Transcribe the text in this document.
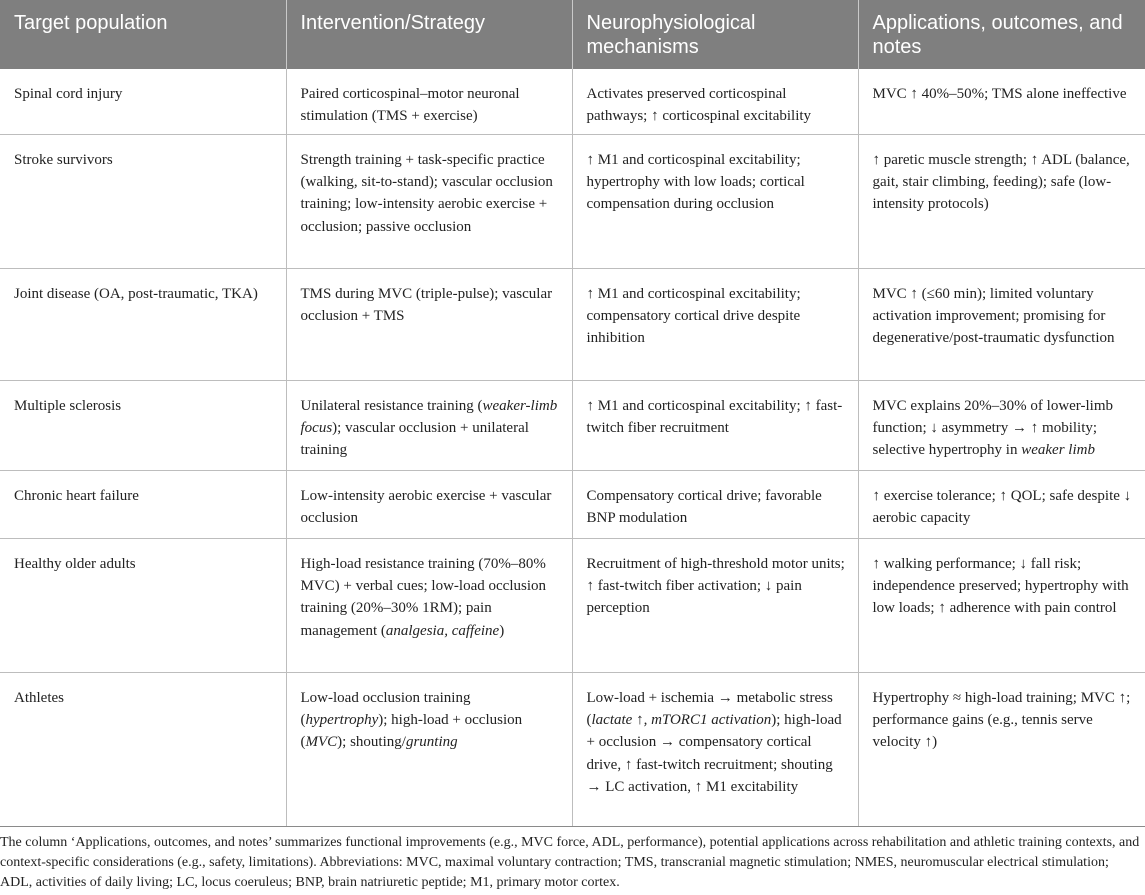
Target population	Intervention/Strategy	Neurophysiological mechanisms	Applications, outcomes, and notes
Spinal cord injury	Paired corticospinal–motor neuronal stimulation (TMS + exercise)	Activates preserved corticospinal pathways; ↑ corticospinal excitability	MVC ↑ 40%–50%; TMS alone ineffective
Stroke survivors	Strength training + task-specific practice (walking, sit-to-stand); vascular occlusion training; low-intensity aerobic exercise + occlusion; passive occlusion	↑ M1 and corticospinal excitability; hypertrophy with low loads; cortical compensation during occlusion	↑ paretic muscle strength; ↑ ADL (balance, gait, stair climbing, feeding); safe (low-intensity protocols)
Joint disease (OA, post-traumatic, TKA)	TMS during MVC (triple-pulse); vascular occlusion + TMS	↑ M1 and corticospinal excitability; compensatory cortical drive despite inhibition	MVC ↑ (≤60 min); limited voluntary activation improvement; promising for degenerative/post-traumatic dysfunction
Multiple sclerosis	Unilateral resistance training (weaker-limb focus); vascular occlusion + unilateral training	↑ M1 and corticospinal excitability; ↑ fast-twitch fiber recruitment	MVC explains 20%–30% of lower-limb function; ↓ asymmetry → ↑ mobility; selective hypertrophy in weaker limb
Chronic heart failure	Low-intensity aerobic exercise + vascular occlusion	Compensatory cortical drive; favorable BNP modulation	↑ exercise tolerance; ↑ QOL; safe despite ↓ aerobic capacity
Healthy older adults	High-load resistance training (70%–80% MVC) + verbal cues; low-load occlusion training (20%–30% 1RM); pain management (analgesia, caffeine)	Recruitment of high-threshold motor units; ↑ fast-twitch fiber activation; ↓ pain perception	↑ walking performance; ↓ fall risk; independence preserved; hypertrophy with low loads; ↑ adherence with pain control
Athletes	Low-load occlusion training (hypertrophy); high-load + occlusion (MVC); shouting/grunting	Low-load + ischemia → metabolic stress (lactate ↑, mTORC1 activation); high-load + occlusion → compensatory cortical drive, ↑ fast-twitch recruitment; shouting → LC activation, ↑ M1 excitability	Hypertrophy ≈ high-load training; MVC ↑; performance gains (e.g., tennis serve velocity ↑)
The column ‘Applications, outcomes, and notes’ summarizes functional improvements (e.g., MVC force, ADL, performance), potential applications across rehabilitation and athletic training contexts, and context-specific considerations (e.g., safety, limitations). Abbreviations: MVC, maximal voluntary contraction; TMS, transcranial magnetic stimulation; NMES, neuromuscular electrical stimulation; ADL, activities of daily living; LC, locus coeruleus; BNP, brain natriuretic peptide; M1, primary motor cortex.
